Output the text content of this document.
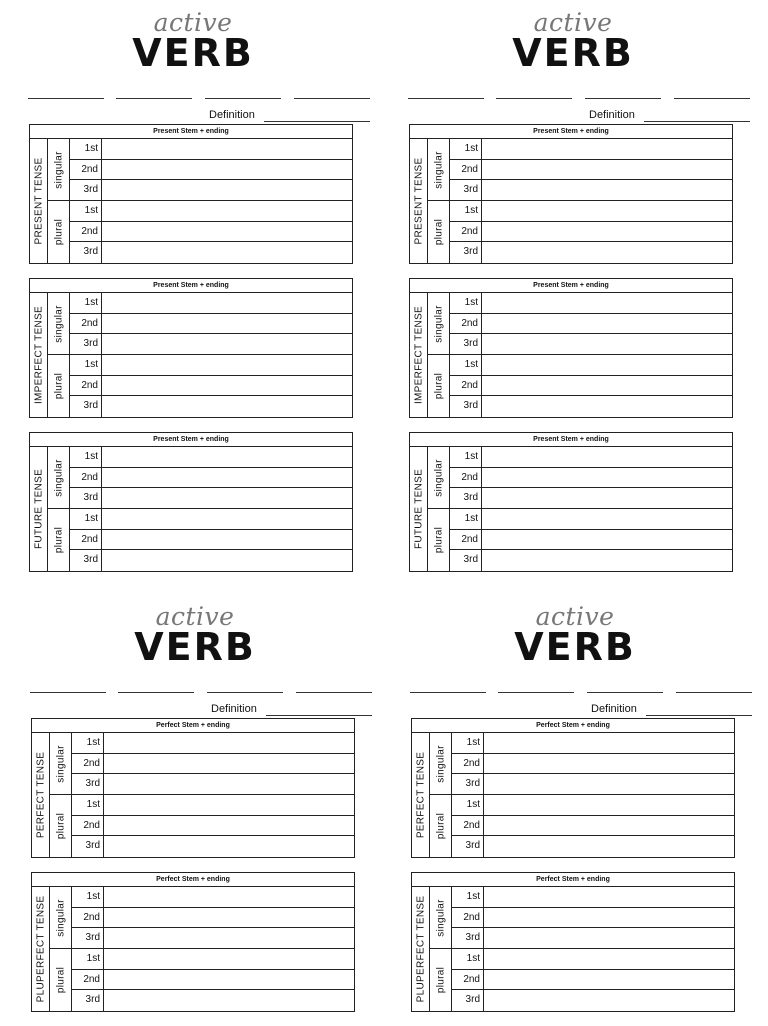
active
VERB
Definition
Present Stem + ending
PRESENT TENSE singular
plural
1st
2nd
3rd
1st
2nd
3rd
Present Stem + ending
IMPERFECT TENSE singular
plural
1st
2nd
3rd
1st
2nd
3rd
Present Stem + ending
FUTURE TENSE singular
plural
1st
2nd
3rd
1st
2nd
3rd
active
VERB
Definition
Present Stem + ending
PRESENT TENSE singular
plural
1st
2nd
3rd
1st
2nd
3rd
Present Stem + ending
IMPERFECT TENSE singular
plural
1st
2nd
3rd
1st
2nd
3rd
Present Stem + ending
FUTURE TENSE singular
plural
1st
2nd
3rd
1st
2nd
3rd
active
VERB
Definition
Perfect Stem + ending
PERFECT TENSE singular
plural
1st
2nd
3rd
1st
2nd
3rd
Perfect Stem + ending
PLUPERFECT TENSE singular
plural
1st
2nd
3rd
1st
2nd
3rd
active
VERB
Definition
Perfect Stem + ending
PERFECT TENSE singular
plural
1st
2nd
3rd
1st
2nd
3rd
Perfect Stem + ending
PLUPERFECT TENSE singular
plural
1st
2nd
3rd
1st
2nd
3rd
